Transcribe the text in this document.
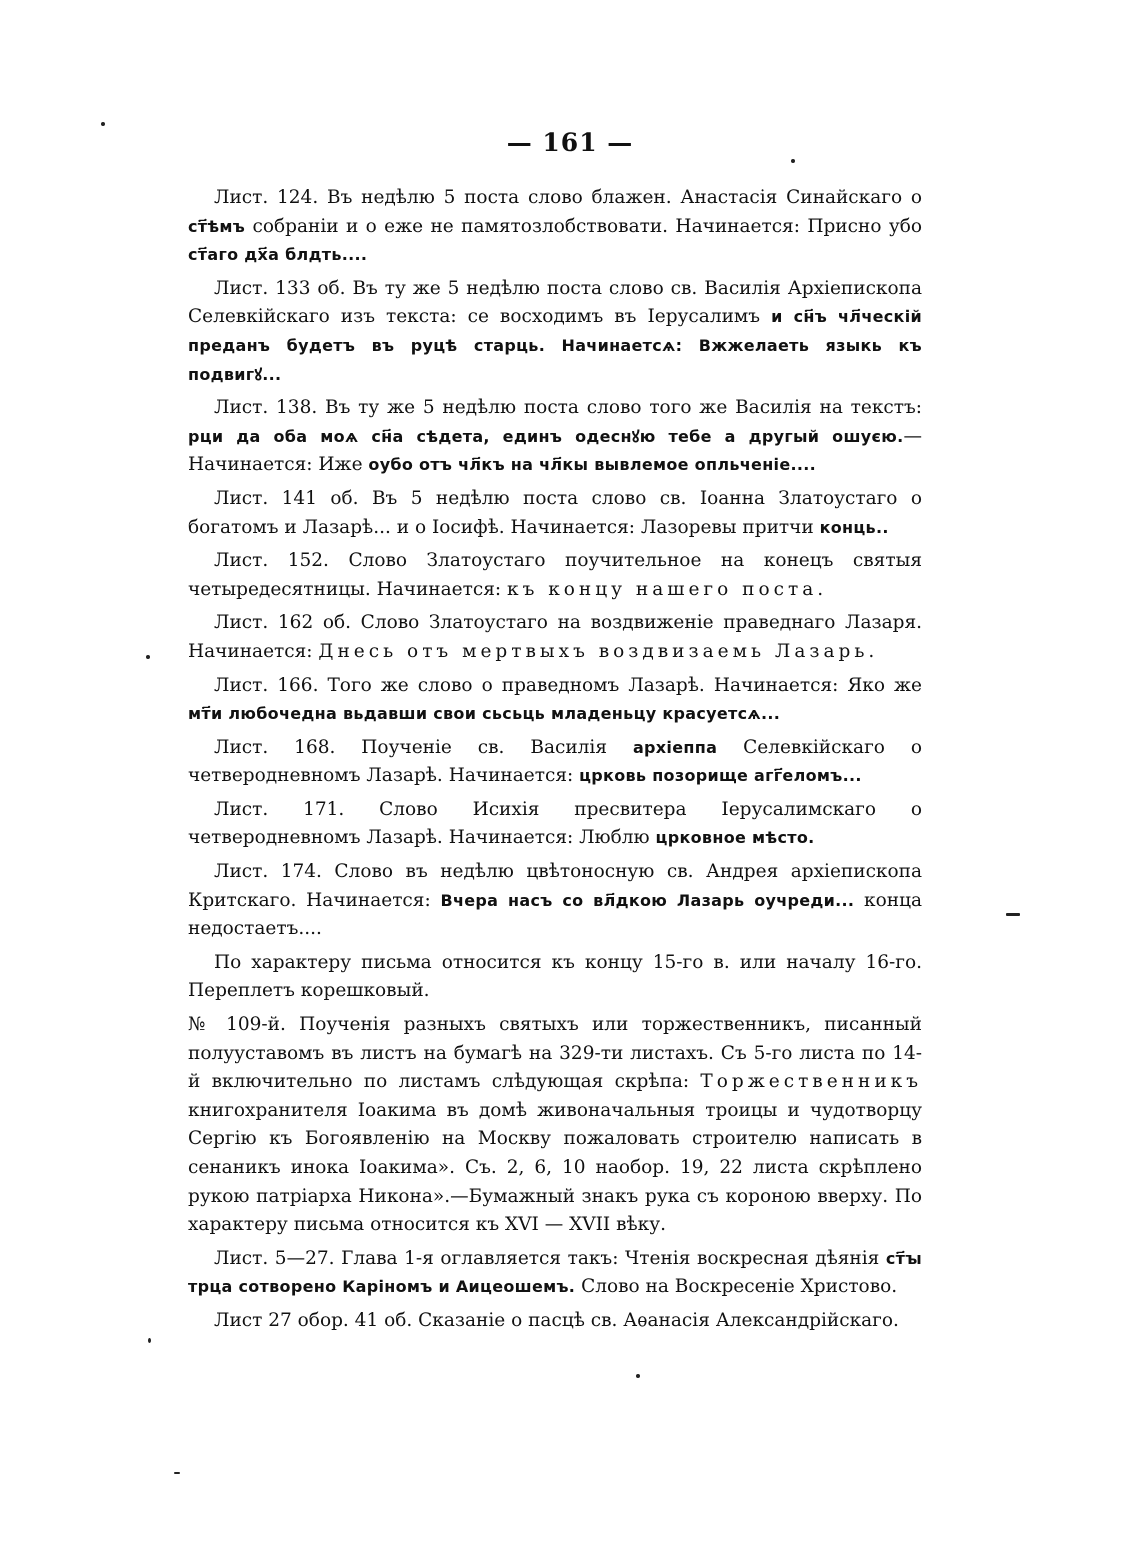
— 161 —

Лист. 124. Въ недѣлю 5 поста слово блажен. Анастасія Синайскаго о ст҃ѣмъ собраніи и о еже не памятозлобствовати. Начинается: Присно убо ст҃аго дх҃а блдть....

Лист. 133 об. Въ ту же 5 недѣлю поста слово св. Василія Архіепископа Селевкійскаго изъ текста: се восходимъ въ Іерусалимъ и сн҃ъ чл҃ческій преданъ будетъ въ руцѣ старць. Начинаетсѧ: Вжжелаеть языкь къ подвигꙋ...

Лист. 138. Въ ту же 5 недѣлю поста слово того же Василія на текстъ: рци да оба моѧ сн҃а сѣдета, единъ одеснꙋю тебе а другый ошуєю.— Начинается: Иже оубо отъ чл҃къ на чл҃кы вывлемое опльченіе....

Лист. 141 об. Въ 5 недѣлю поста слово св. Іоанна Златоустаго о богатомъ и Лазарѣ... и о Іосифѣ. Начинается: Лазоревы притчи конць..

Лист. 152. Слово Златоустаго поучительное на конецъ святыя четыредесятницы. Начинается: къ концу нашего поста.

Лист. 162 об. Слово Златоустаго на воздвиженіе праведнаго Лазаря. Начинается: Днесь отъ мертвыхъ воздвизаемь Лазарь.

Лист. 166. Того же слово о праведномъ Лазарѣ. Начинается: Яко же мт҃и любочедна вьдавши свои сьсьць младеньцу красуетсѧ...

Лист. 168. Поученіе св. Василія архіеппа Селевкійскаго о четверодневномъ Лазарѣ. Начинается: црковь позорище агг҃еломъ...

Лист. 171. Слово Исихія пресвитера Іерусалимскаго о четверодневномъ Лазарѣ. Начинается: Люблю црковное мѣсто.

Лист. 174. Слово въ недѣлю цвѣтоносную св. Андрея архіепископа Критскаго. Начинается: Вчера насъ со вл҃дкою Лазарь оучреди... конца недостаетъ....

По характеру письма относится къ концу 15-го в. или началу 16-го. Переплетъ корешковый.

№ 109-й. Поученія разныхъ святыхъ или торжественникъ, писанный полууставомъ въ листъ на бумагѣ на 329-ти листахъ. Съ 5-го листа по 14-й включительно по листамъ слѣдующая скрѣпа: Торжественникъ книгохранителя Іоакима въ домѣ живоначальныя троицы и чудотворцу Сергію къ Богоявленію на Москву пожаловать строителю написать в сенаникъ инока Іоакима». Съ. 2, 6, 10 наобор. 19, 22 листа скрѣплено рукою патріарха Никона».—Бумажный знакъ рука съ короною вверху. По характеру письма относится къ XVI — XVII вѣку.

Лист. 5—27. Глава 1-я оглавляется такъ: Чтенія воскресная дѣянія ст҃ꙑ трца сотворено Каріномъ и Аицеошемъ. Слово на Воскресеніе Христово.

Лист 27 обор. 41 об. Сказаніе о пасцѣ св. Аѳанасія Александрійскаго.
